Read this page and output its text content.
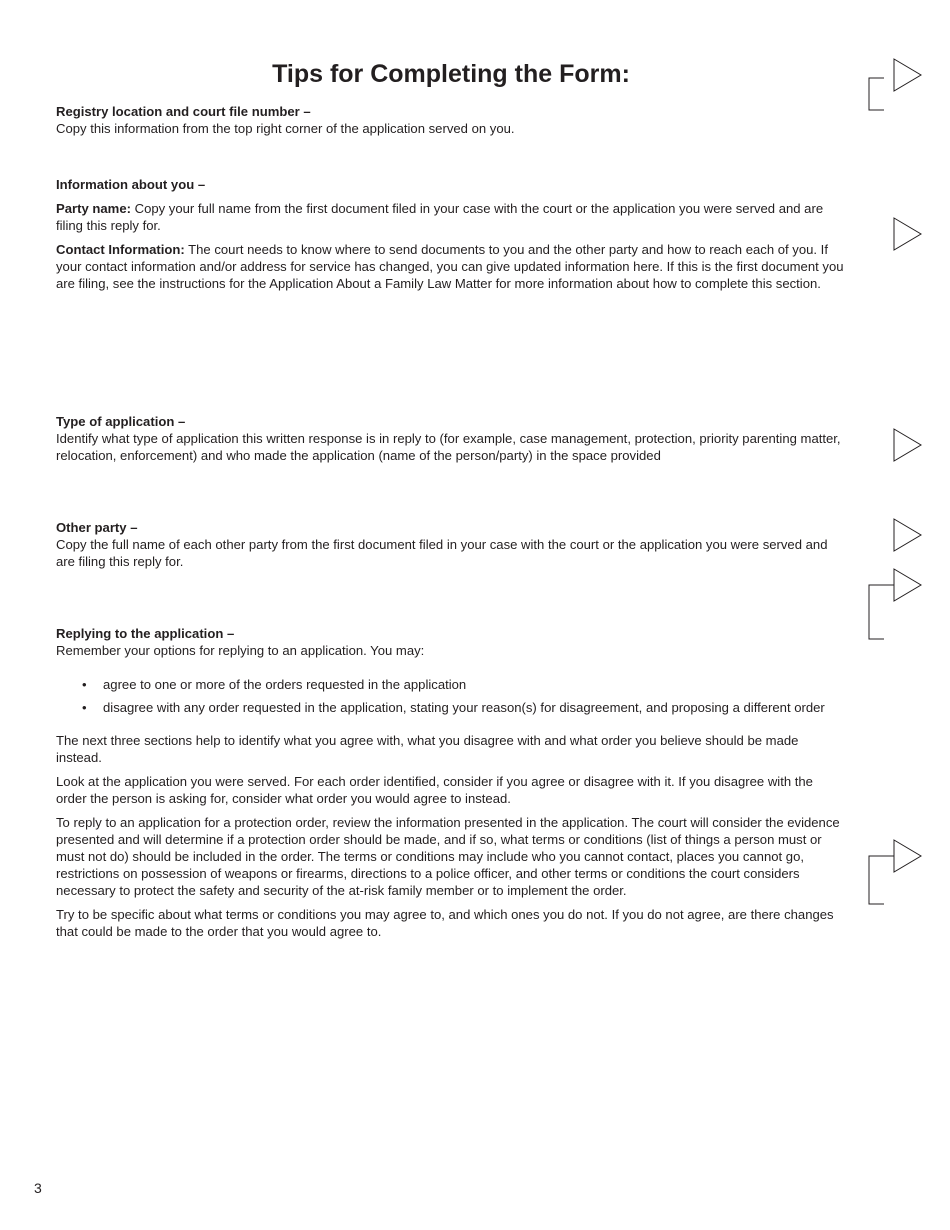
Tips for Completing the Form:

Registry location and court file number –

Copy this information from the top right corner of the application served on you.

Information about you –

Party name: Copy your full name from the first document filed in your case with the court or the application you were served and are filing this reply for.

Contact Information: The court needs to know where to send documents to you and the other party and how to reach each of you. If your contact information and/or address for service has changed, you can give updated information here. If this is the first document you are filing, see the instructions for the Application About a Family Law Matter for more information about how to complete this section.

Type of application –

Identify what type of application this written response is in reply to (for example, case management, protection, priority parenting matter, relocation, enforcement) and who made the application (name of the person/party) in the space provided

Other party –

Copy the full name of each other party from the first document filed in your case with the court or the application you were served and are filing this reply for.

Replying to the application –

Remember your options for replying to an application. You may:

• agree to one or more of the orders requested in the application
• disagree with any order requested in the application, stating your reason(s) for disagreement, and proposing a different order

The next three sections help to identify what you agree with, what you disagree with and what order you believe should be made instead.

Look at the application you were served. For each order identified, consider if you agree or disagree with it. If you disagree with the order the person is asking for, consider what order you would agree to instead.

To reply to an application for a protection order, review the information presented in the application. The court will consider the evidence presented and will determine if a protection order should be made, and if so, what terms or conditions (list of things a person must or must not do) should be included in the order. The terms or conditions may include who you cannot contact, places you cannot go, restrictions on possession of weapons or firearms, directions to a police officer, and other terms or conditions the court considers necessary to protect the safety and security of the at-risk family member or to implement the order.

Try to be specific about what terms or conditions you may agree to, and which ones you do not. If you do not agree, are there changes that could be made to the order that you would agree to.

3
